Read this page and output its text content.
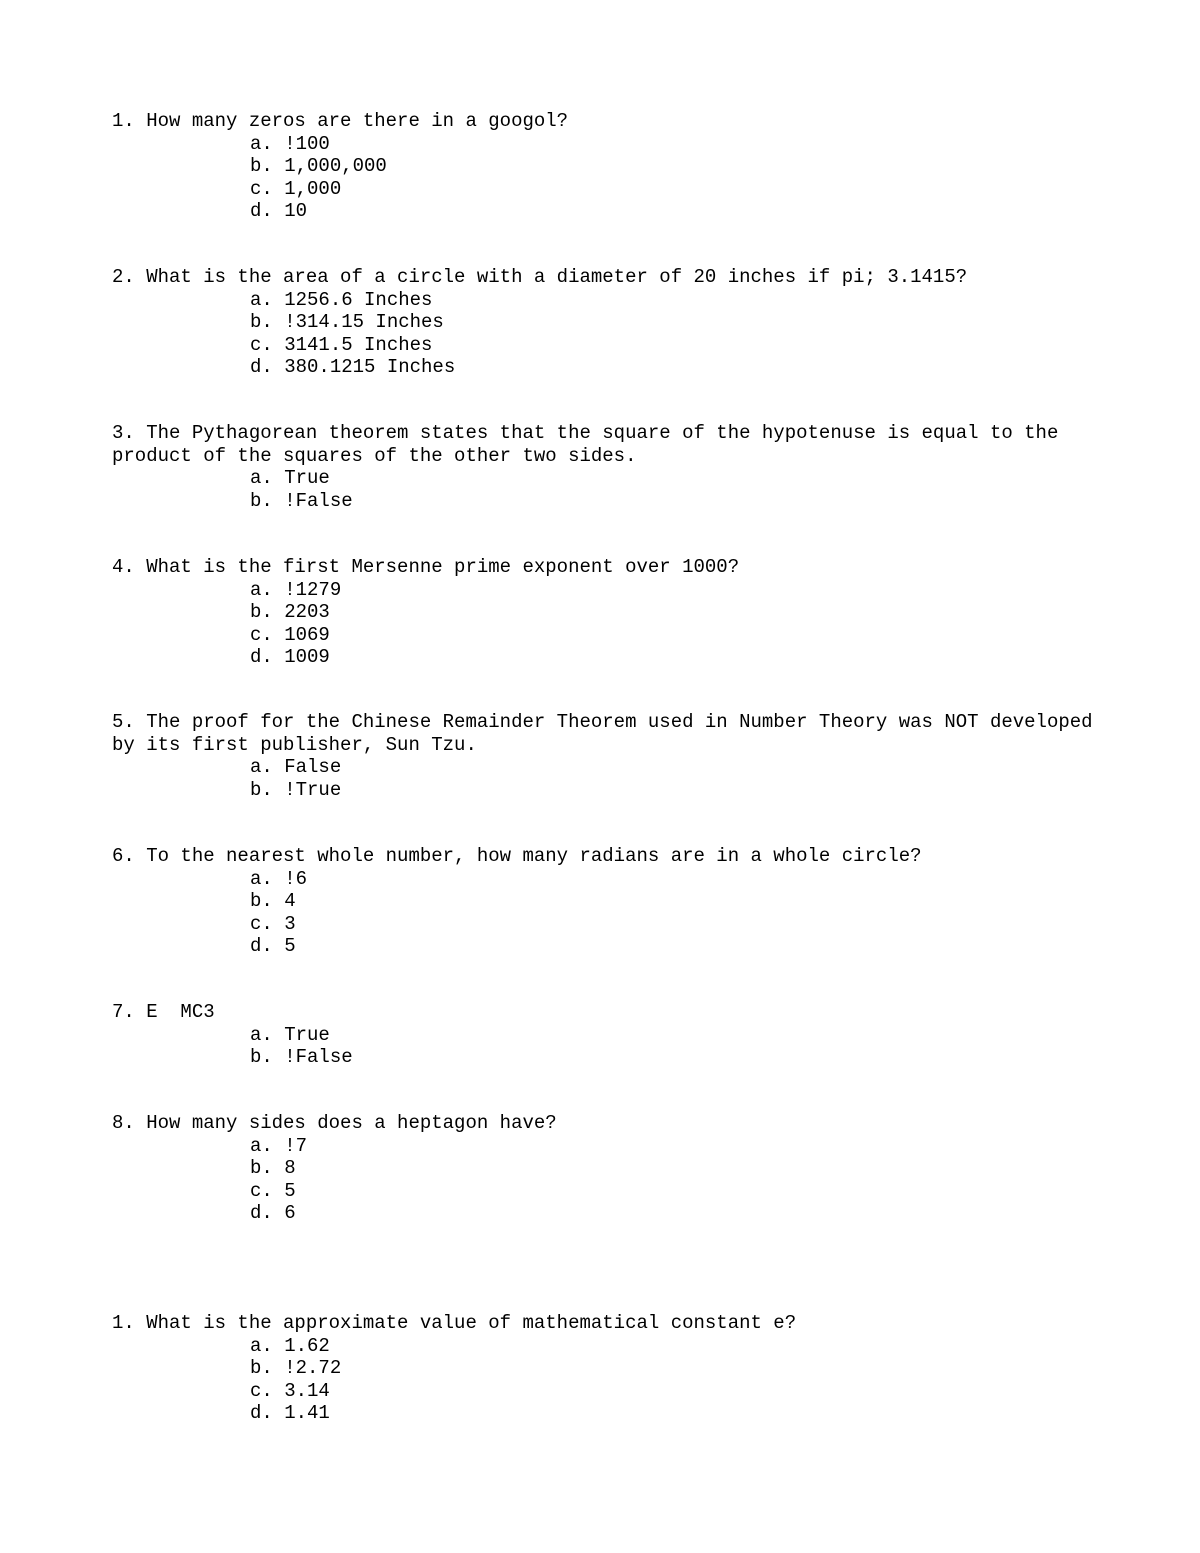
1. How many zeros are there in a googol?

a. !100
b. 1,000,000
c. 1,000
d. 10

2. What is the area of a circle with a diameter of 20 inches if pi; 3.1415?

a. 1256.6 Inches
b. !314.15 Inches
c. 3141.5 Inches
d. 380.1215 Inches

3. The Pythagorean theorem states that the square of the hypotenuse is equal to the product of the squares of the other two sides.

a. True
b. !False

4. What is the first Mersenne prime exponent over 1000?

a. !1279
b. 2203
c. 1069
d. 1009

5. The proof for the Chinese Remainder Theorem used in Number Theory was NOT developed by its first publisher, Sun Tzu.

a. False
b. !True

6. To the nearest whole number, how many radians are in a whole circle?

a. !6
b. 4
c. 3
d. 5

7. E  MC3

a. True
b. !False

8. How many sides does a heptagon have?

a. !7
b. 8
c. 5
d. 6

1. What is the approximate value of mathematical constant e?

a. 1.62
b. !2.72
c. 3.14
d. 1.41
